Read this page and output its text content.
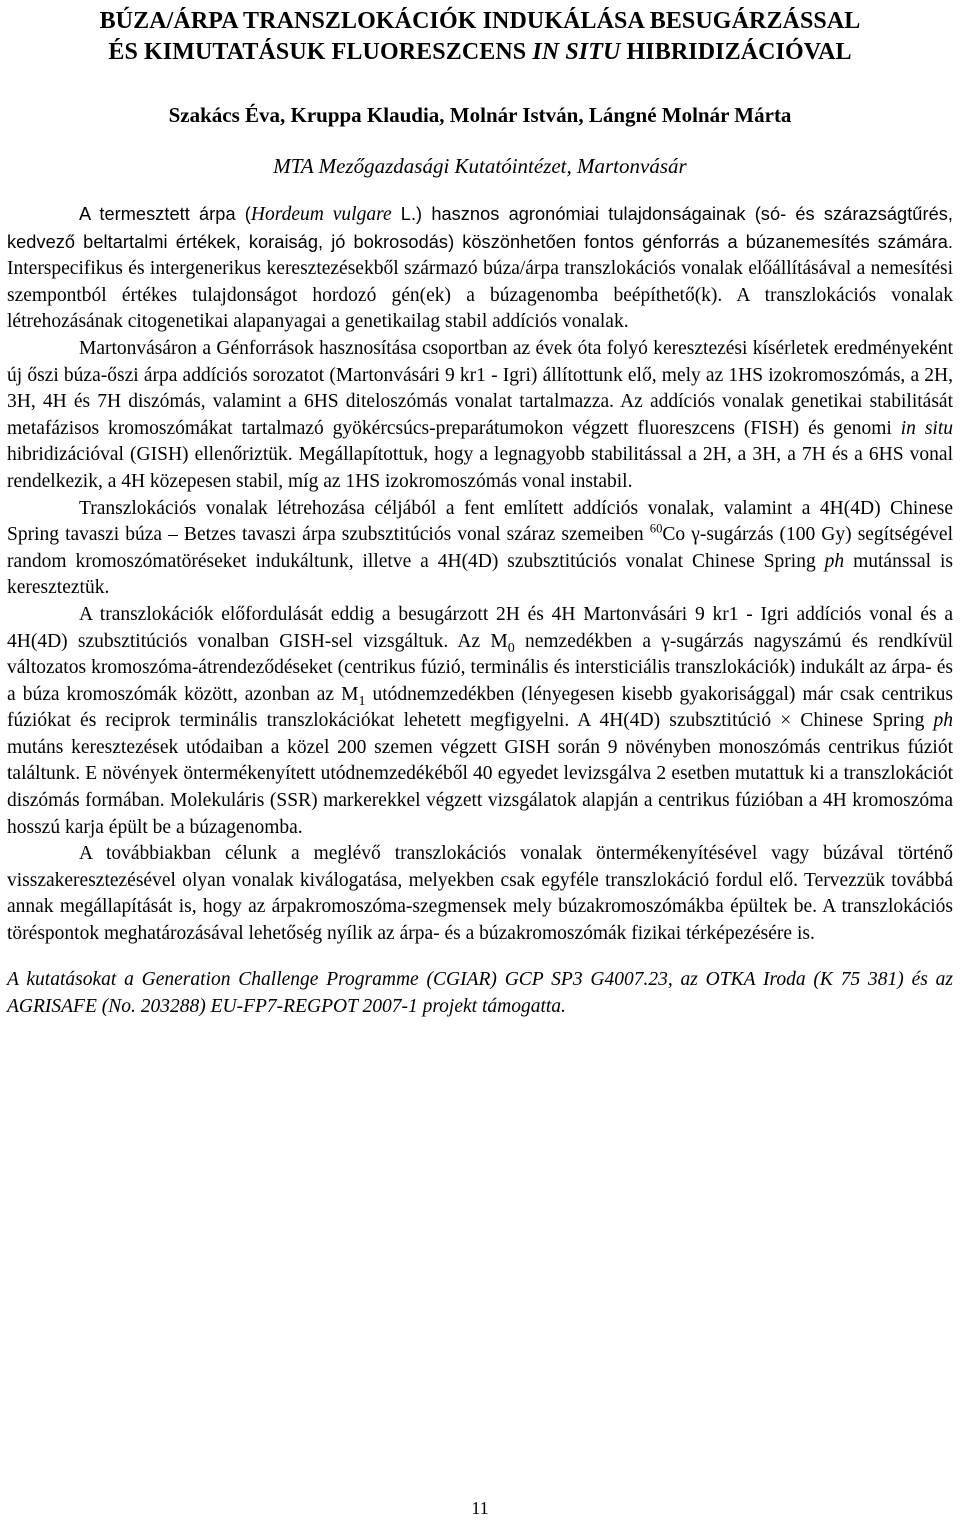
BÚZA/ÁRPA TRANSZLOKÁCIÓK INDUKÁLÁSA BESUGÁRZÁSSAL
ÉS KIMUTATÁSUK FLUORESZCENS IN SITU HIBRIDIZÁCIÓVAL
Szakács Éva, Kruppa Klaudia, Molnár István, Lángné Molnár Márta
MTA Mezőgazdasági Kutatóintézet, Martonvásár

A termesztett árpa (Hordeum vulgare L.) hasznos agronómiai tulajdonságainak (só- és szárazságtűrés, kedvező beltartalmi értékek, koraiság, jó bokrosodás) köszönhetően fontos génforrás a búzanemesítés számára. Interspecifikus és intergenerikus keresztezésekből származó búza/árpa transzlokációs vonalak előállításával a nemesítési szempontból értékes tulajdonságot hordozó gén(ek) a búzagenomba beépíthető(k). A transzlokációs vonalak létrehozásának citogenetikai alapanyagai a genetikailag stabil addíciós vonalak.

Martonvásáron a Génforrások hasznosítása csoportban az évek óta folyó keresztezési kísérletek eredményeként új őszi búza-őszi árpa addíciós sorozatot (Martonvásári 9 kr1 - Igri) állítottunk elő, mely az 1HS izokromoszómás, a 2H, 3H, 4H és 7H diszómás, valamint a 6HS diteloszómás vonalat tartalmazza. Az addíciós vonalak genetikai stabilitását metafázisos kromoszómákat tartalmazó gyökércsúcs-preparátumokon végzett fluoreszcens (FISH) és genomi in situ hibridizációval (GISH) ellenőriztük. Megállapítottuk, hogy a legnagyobb stabilitással a 2H, a 3H, a 7H és a 6HS vonal rendelkezik, a 4H közepesen stabil, míg az 1HS izokromoszómás vonal instabil.

Transzlokációs vonalak létrehozása céljából a fent említett addíciós vonalak, valamint a 4H(4D) Chinese Spring tavaszi búza – Betzes tavaszi árpa szubsztitúciós vonal száraz szemeiben $^{60}$Co γ-sugárzás (100 Gy) segítségével random kromoszómatöréseket indukáltunk, illetve a 4H(4D) szubsztitúciós vonalat Chinese Spring ph mutánssal is kereszteztük.

A transzlokációk előfordulását eddig a besugárzott 2H és 4H Martonvásári 9 kr1 - Igri addíciós vonal és a 4H(4D) szubsztitúciós vonalban GISH-sel vizsgáltuk. Az $M_0$ nemzedékben a γ-sugárzás nagyszámú és rendkívül változatos kromoszóma-átrendeződéseket (centrikus fúzió, terminális és intersticiális transzlokációk) indukált az árpa- és a búza kromoszómák között, azonban az $M_1$ utódnemzedékben (lényegesen kisebb gyakorisággal) már csak centrikus fúziókat és reciprok terminális transzlokációkat lehetett megfigyelni. A 4H(4D) szubsztitúció × Chinese Spring ph mutáns keresztezések utódaiban a közel 200 szemen végzett GISH során 9 növényben monoszómás centrikus fúziót találtunk. E növények öntermékenyített utódnemzedékéből 40 egyedet levizsgálva 2 esetben mutattuk ki a transzlokációt diszómás formában. Molekuláris (SSR) markerekkel végzett vizsgálatok alapján a centrikus fúzióban a 4H kromoszóma hosszú karja épült be a búzagenomba.

A továbbiakban célunk a meglévő transzlokációs vonalak öntermékenyítésével vagy búzával történő visszakeresztezésével olyan vonalak kiválogatása, melyekben csak egyféle transzlokáció fordul elő. Tervezzük továbbá annak megállapítását is, hogy az árpakromoszóma-szegmensek mely búzakromoszómákba épültek be. A transzlokációs töréspontok meghatározásával lehetőség nyílik az árpa- és a búzakromoszómák fizikai térképezésére is.

A kutatásokat a Generation Challenge Programme (CGIAR) GCP SP3 G4007.23, az OTKA Iroda (K 75 381) és az AGRISAFE (No. 203288) EU-FP7-REGPOT 2007-1 projekt támogatta.

11
